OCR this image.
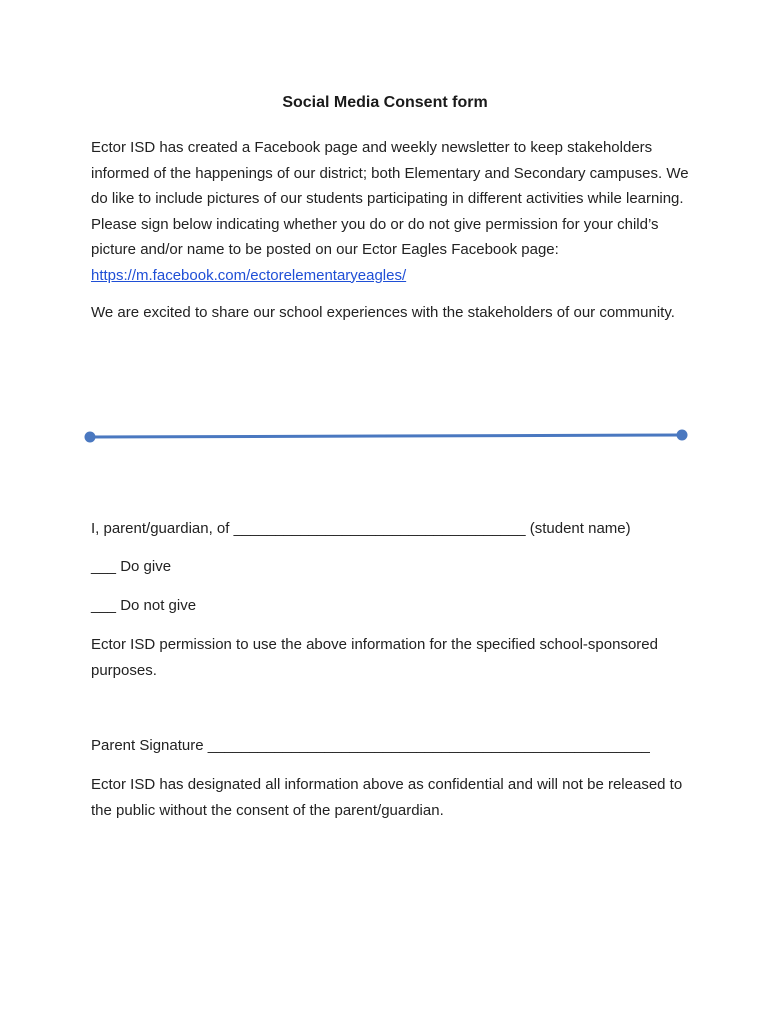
Social Media Consent form

Ector ISD has created a Facebook page and weekly newsletter to keep stakeholders informed of the happenings of our district; both Elementary and Secondary campuses. We do like to include pictures of our students participating in different activities while learning. Please sign below indicating whether you do or do not give permission for your child’s picture and/or name to be posted on our Ector Eagles Facebook page: https://m.facebook.com/ectorelementaryeagles/

We are excited to share our school experiences with the stakeholders of our community.

I, parent/guardian, of ___________________________________ (student name)
___ Do give
___ Do not give

Ector ISD permission to use the above information for the specified school-sponsored purposes.

Parent Signature _____________________________________________________

Ector ISD has designated all information above as confidential and will not be released to the public without the consent of the parent/guardian.
